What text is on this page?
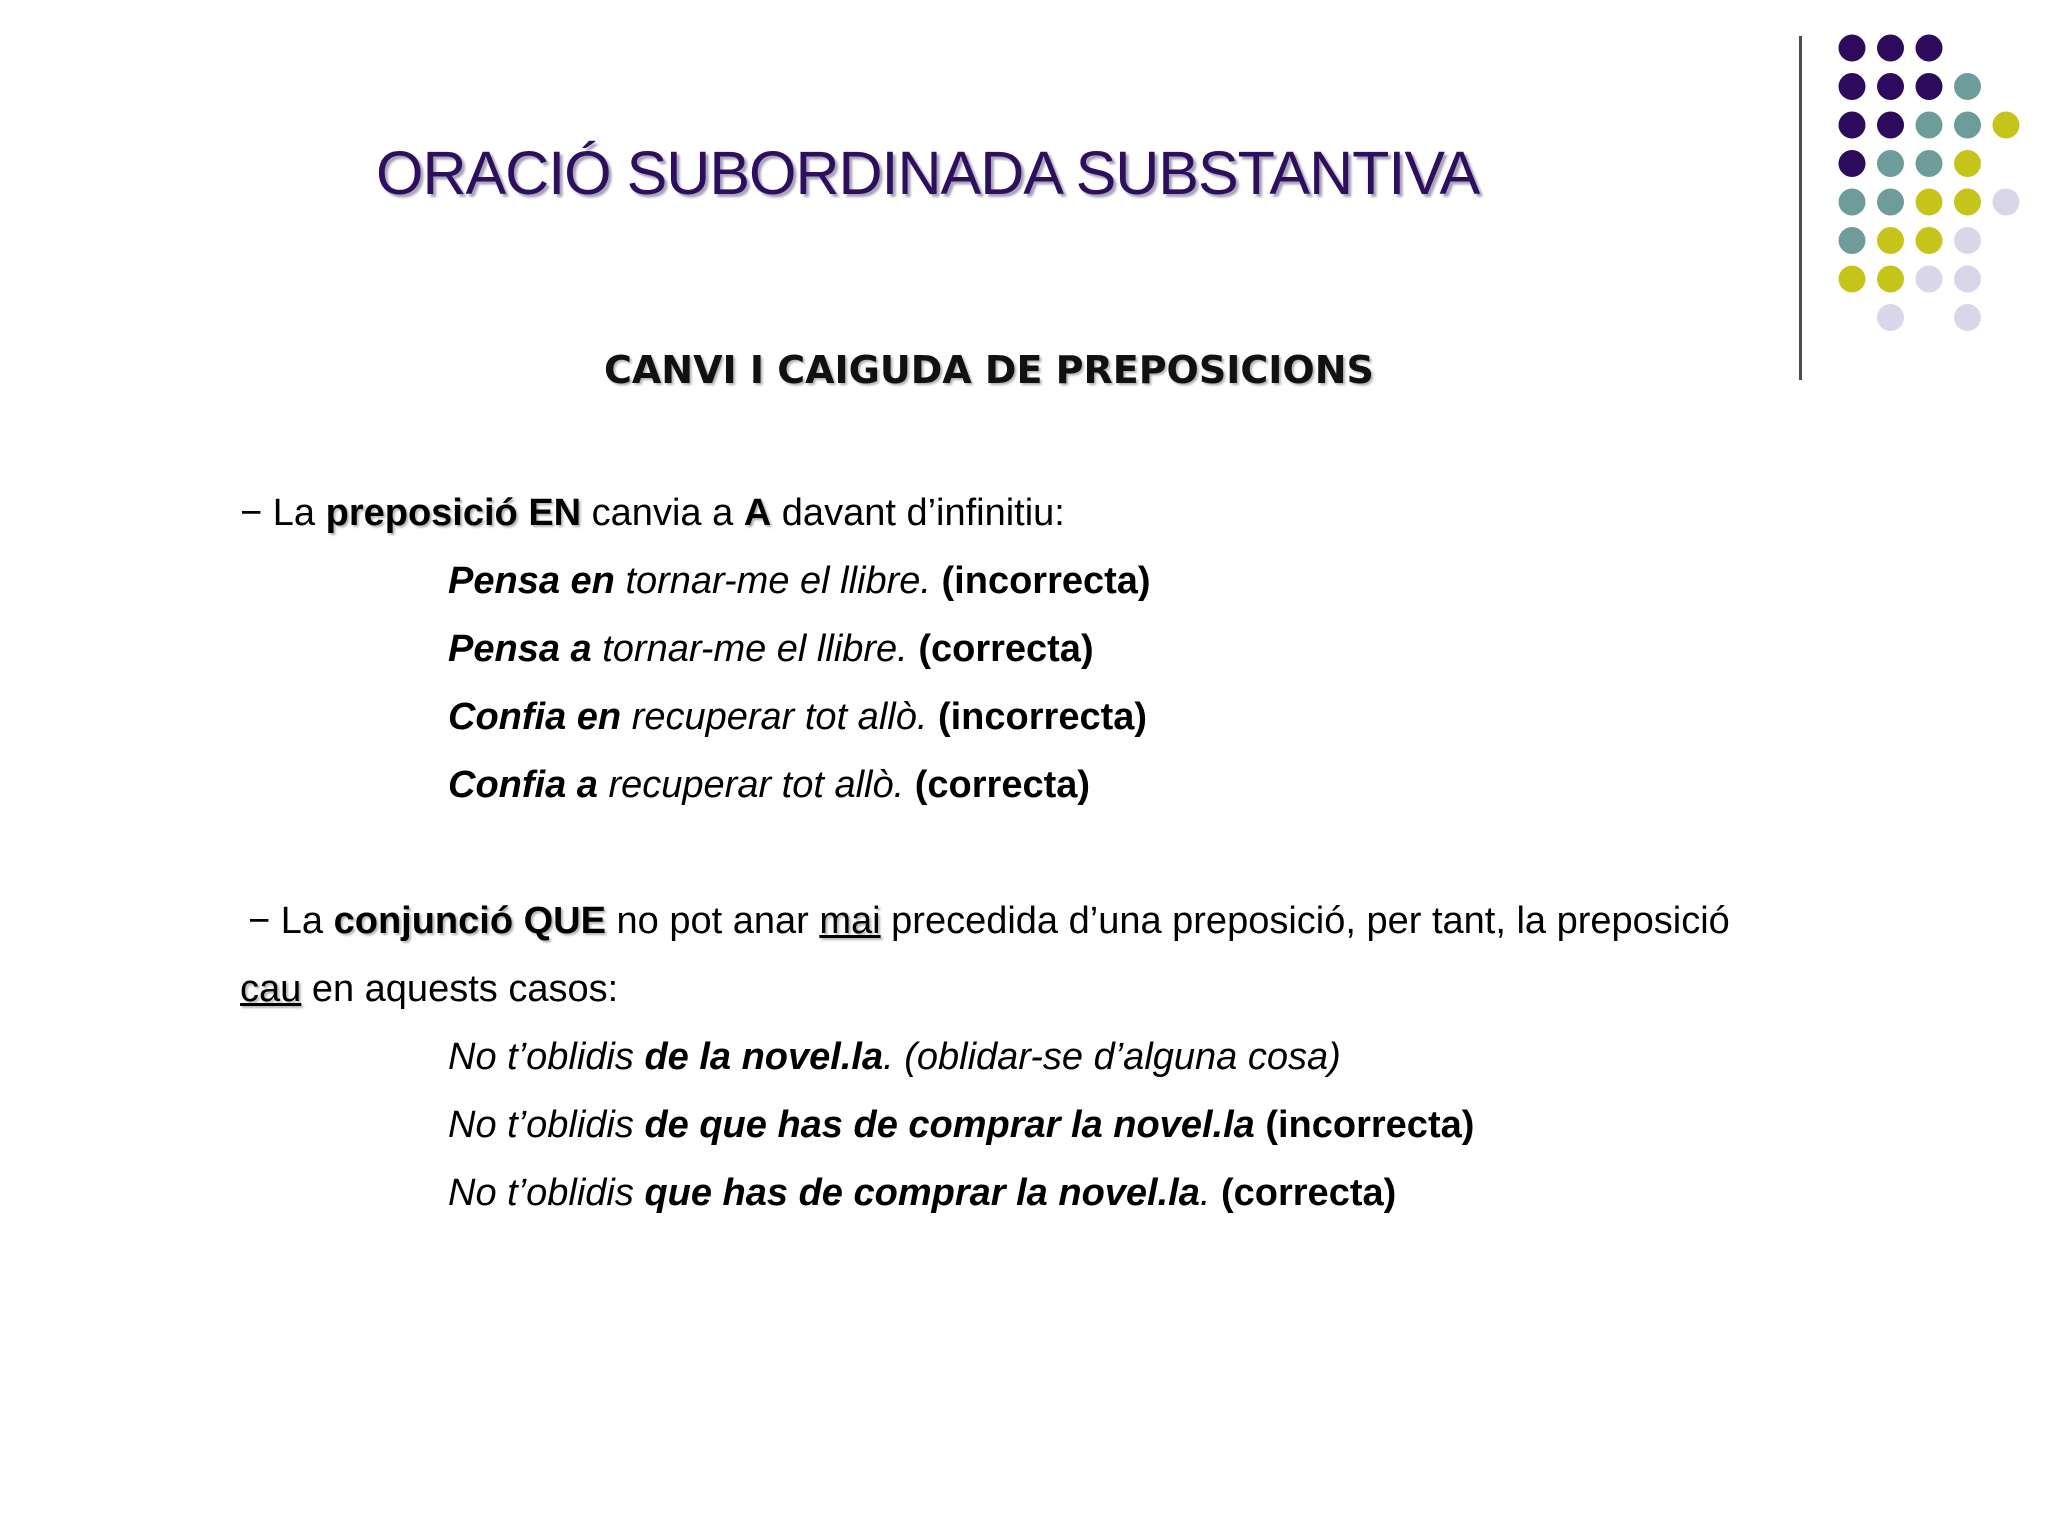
ORACIÓ SUBORDINADA SUBSTANTIVA
CANVI I CAIGUDA DE PREPOSICIONS
− La preposició EN canvia a A davant d’infinitiu:
Pensa en tornar-me el llibre. (incorrecta)
Pensa a tornar-me el llibre. (correcta)
Confia en recuperar tot allò. (incorrecta)
Confia a recuperar tot allò. (correcta)
− La conjunció QUE no pot anar mai precedida d’una preposició, per tant, la preposició
cau en aquests casos:
No t’oblidis de la novel.la. (oblidar-se d’alguna cosa)
No t’oblidis de que has de comprar la novel.la (incorrecta)
No t’oblidis que has de comprar la novel.la. (correcta)
